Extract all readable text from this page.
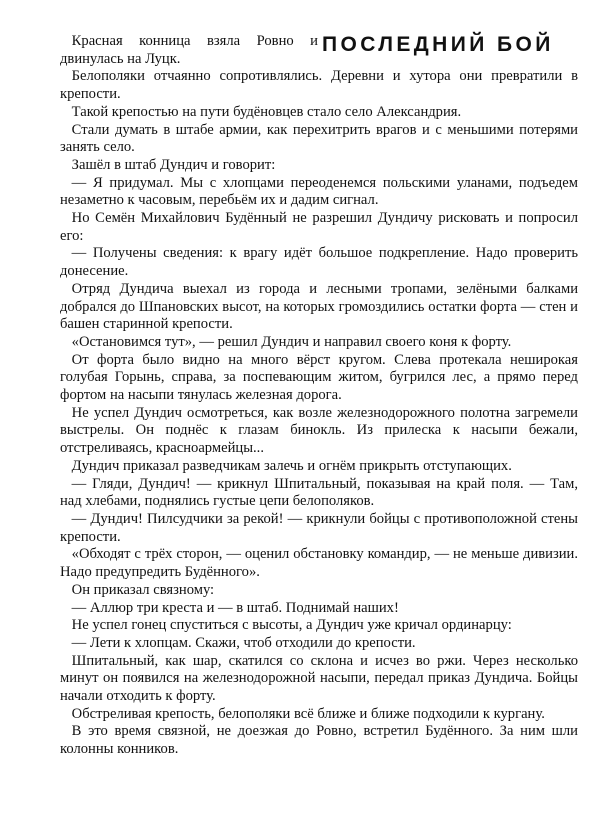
ПОСЛЕДНИЙ БОЙ

Красная конница взяла Ровно и двинулась на Луцк.

Белополяки отчаянно сопротивлялись. Деревни и хутора они превратили в крепости.

Такой крепостью на пути будёновцев стало село Александрия.

Стали думать в штабе армии, как перехитрить врагов и с меньшими потерями занять село.

Зашёл в штаб Дундич и говорит:

— Я придумал. Мы с хлопцами переоденемся польскими уланами, подъедем незаметно к часовым, перебьём их и дадим сигнал.

Но Семён Михайлович Будённый не разрешил Дундичу рисковать и попросил его:

— Получены сведения: к врагу идёт большое подкрепление. Надо проверить донесение.

Отряд Дундича выехал из города и лесными тропами, зелёными балками добрался до Шпановских высот, на которых громоздились остатки форта — стен и башен старинной крепости.

«Остановимся тут», — решил Дундич и направил своего коня к форту.

От форта было видно на много вёрст кругом. Слева протекала неширокая голубая Горынь, справа, за поспевающим житом, бугрился лес, а прямо перед фортом на насыпи тянулась железная дорога.

Не успел Дундич осмотреться, как возле железнодорожного полотна загремели выстрелы. Он поднёс к глазам бинокль. Из прилеска к насыпи бежали, отстреливаясь, красноармейцы...

Дундич приказал разведчикам залечь и огнём прикрыть отступающих.

— Гляди, Дундич! — крикнул Шпитальный, показывая на край поля. — Там, над хлебами, поднялись густые цепи белополяков.

— Дундич! Пилсудчики за рекой! — крикнули бойцы с противоположной стены крепости.

«Обходят с трёх сторон, — оценил обстановку командир, — не меньше дивизии. Надо предупредить Будённого».

Он приказал связному:

— Аллюр три креста и — в штаб. Поднимай наших!

Не успел гонец спуститься с высоты, а Дундич уже кричал ординарцу:

— Лети к хлопцам. Скажи, чтоб отходили до крепости.

Шпитальный, как шар, скатился со склона и исчез во ржи. Через несколько минут он появился на железнодорожной насыпи, передал приказ Дундича. Бойцы начали отходить к форту.

Обстреливая крепость, белополяки всё ближе и ближе подходили к кургану.

В это время связной, не доезжая до Ровно, встретил Будённого. За ним шли колонны конников.
